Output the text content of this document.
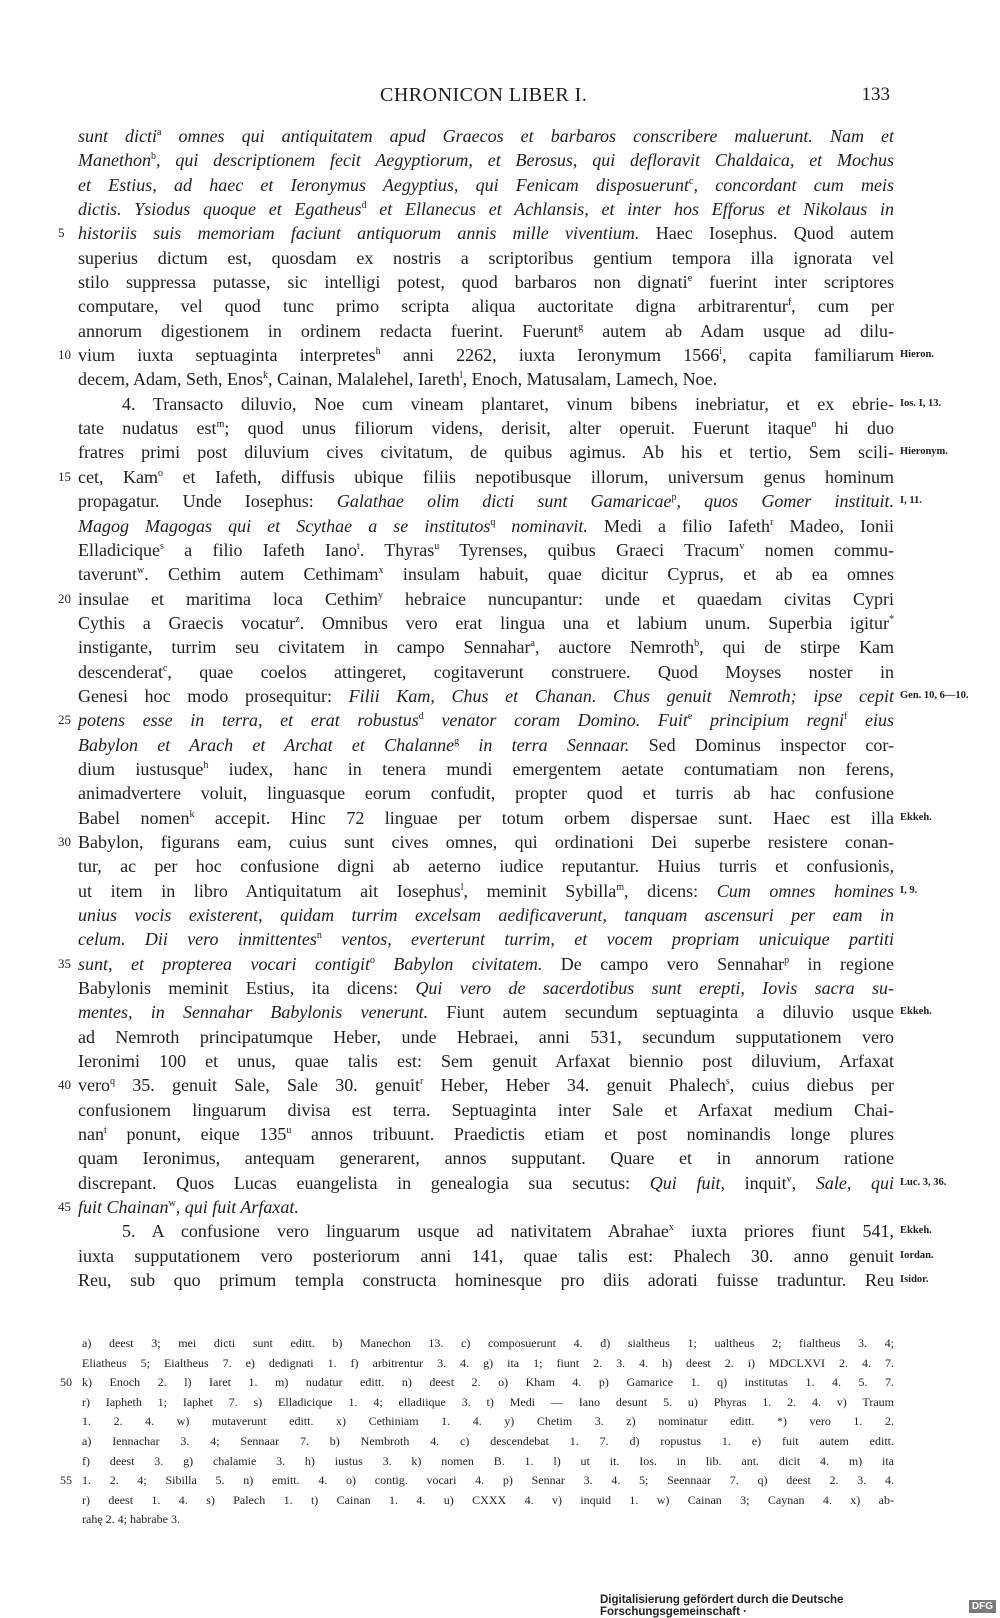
CHRONICON LIBER I.	133
sunt dicti$^a$ omnes qui antiquitatem apud Graecos et barbaros conscribere maluerunt. Nam et
Manethon$^b$, qui descriptionem fecit Aegyptiorum, et Berosus, qui defloravit Chaldaica, et Mochus
et Estius, ad haec et Ieronymus Aegyptius, qui Fenicam disposuerunt$^c$, concordant cum meis
dictis. Ysiodus quoque et Egatheus$^d$ et Ellanecus et Achlansis, et inter hos Efforus et Nikolaus in
5 historiis suis memoriam faciunt antiquorum annis mille viventium. Haec Iosephus. Quod autem
superius dictum est, quosdam ex nostris a scriptoribus gentium tempora illa ignorata vel
stilo suppressa putasse, sic intelligi potest, quod barbaros non dignati$^e$ fuerint inter scriptores
computare, vel quod tunc primo scripta aliqua auctoritate digna arbitrarentur$^f$, cum per
annorum digestionem in ordinem redacta fuerint. Fuerunt$^g$ autem ab Adam usque ad dilu-
10 vium iuxta septuaginta interpretes$^h$ anni 2262, iuxta Ieronymum 1566$^i$, capita familiarum Hieron.
decem, Adam, Seth, Enos$^k$, Cainan, Malalehel, Iareth$^l$, Enoch, Matusalam, Lamech, Noe.
4. Transacto diluvio, Noe cum vineam plantaret, vinum bibens inebriatur, et ex ebrie- Ios. I, 13.
tate nudatus est$^m$; quod unus filiorum videns, derisit, alter operuit. Fuerunt itaque$^n$ hi duo
fratres primi post diluvium cives civitatum, de quibus agimus. Ab his et tertio, Sem scili- Hieronym.
15 cet, Kam$^o$ et Iafeth, diffusis ubique filiis nepotibusque illorum, universum genus hominum
propagatur. Unde Iosephus: Galathae olim dicti sunt Gamaricae$^p$, quos Gomer instituit. I, 11.
Magog Magogas qui et Scythae a se institutos$^q$ nominavit. Medi a filio Iafeth$^r$ Madeo, Ionii
Elladicique$^s$ a filio Iafeth Iano$^t$. Thyras$^u$ Tyrenses, quibus Graeci Tracum$^v$ nomen commu-
taverunt$^w$. Cethim autem Cethimam$^x$ insulam habuit, quae dicitur Cyprus, et ab ea omnes
20 insulae et maritima loca Cethim$^y$ hebraice nuncupantur: unde et quaedam civitas Cypri
Cythis a Graecis vocatur$^z$. Omnibus vero erat lingua una et labium unum. Superbia igitur*
instigante, turrim seu civitatem in campo Sennahar$^a$, auctore Nemroth$^b$, qui de stirpe Kam
descenderat$^c$, quae coelos attingeret, cogitaverunt construere. Quod Moyses noster in
Genesi hoc modo prosequitur: Filii Kam, Chus et Chanan. Chus genuit Nemroth; ipse cepit Gen. 10, 6—10.
25 potens esse in terra, et erat robustus$^d$ venator coram Domino. Fuit$^e$ principium regni$^f$ eius
Babylon et Arach et Archat et Chalanne$^g$ in terra Sennaar. Sed Dominus inspector cor-
dium iustusque$^h$ iudex, hanc in tenera mundi emergentem aetate contumatiam non ferens,
animadvertere voluit, linguasque eorum confudit, propter quod et turris ab hac confusione
Babel nomen$^k$ accepit. Hinc 72 linguae per totum orbem dispersae sunt. Haec est illa Ekkeh.
30 Babylon, figurans eam, cuius sunt cives omnes, qui ordinationi Dei superbe resistere conan-
tur, ac per hoc confusione digni ab aeterno iudice reputantur. Huius turris et confusionis,
ut item in libro Antiquitatum ait Iosephus$^l$, meminit Sybilla$^m$, dicens: Cum omnes homines I, 9.
unius vocis existerent, quidam turrim excelsam aedificaverunt, tanquam ascensuri per eam in
celum. Dii vero inmittentes$^n$ ventos, everterunt turrim, et vocem propriam unicuique partiti
35 sunt, et propterea vocari contigit$^o$ Babylon civitatem. De campo vero Sennahar$^p$ in regione
Babylonis meminit Estius, ita dicens: Qui vero de sacerdotibus sunt erepti, Iovis sacra su-
mentes, in Sennahar Babylonis venerunt. Fiunt autem secundum septuaginta a diluvio usque Ekkeh.
ad Nemroth principatumque Heber, unde Hebraei, anni 531, secundum supputationem vero
Ieronimi 100 et unus, quae talis est: Sem genuit Arfaxat biennio post diluvium, Arfaxat
40 vero$^q$ 35. genuit Sale, Sale 30. genuit$^r$ Heber, Heber 34. genuit Phalech$^s$, cuius diebus per
confusionem linguarum divisa est terra. Septuaginta inter Sale et Arfaxat medium Chai-
nan$^t$ ponunt, eique 135$^u$ annos tribuunt. Praedictis etiam et post nominandis longe plures
quam Ieronimus, antequam generarent, annos supputant. Quare et in annorum ratione
discrepant. Quos Lucas euangelista in genealogia sua secutus: Qui fuit, inquit$^v$, Sale, qui Luc. 3, 36.
45 fuit Chainan$^w$, qui fuit Arfaxat.
5. A confusione vero linguarum usque ad nativitatem Abrahae$^x$ iuxta priores fiunt 541, Ekkeh.
iuxta supputationem vero posteriorum anni 141, quae talis est: Phalech 30. anno genuit Iordan.
Reu, sub quo primum templa constructa hominesque pro diis adorati fuisse traduntur. Reu Isidor.
a) deest 3; mei dicti sunt editt. b) Manechon 13. c) composuerunt 4. d) sialtheus 1; ualtheus 2; fialtheus 3. 4;
Eliatheus 5; Eialtheus 7. e) dedignati 1. f) arbitrentur 3. 4. g) ita 1; fiunt 2. 3. 4. h) deest 2. i) MDCLXVI 2. 4. 7.
50 k) Enoch 2. l) Iaret 1. m) nudatur editt. n) deest 2. o) Kham 4. p) Gamarice 1. q) institutas 1. 4. 5. 7.
r) Iapheth 1; Iaphet 7. s) Elladicique 1. 4; elladiique 3. t) Medi — Iano desunt 5. u) Phyras 1. 2. 4. v) Traum
1. 2. 4. w) mutaverunt editt. x) Cethiniam 1. 4. y) Chetim 3. z) nominatur editt. *) vero 1. 2.
a) Iennachar 3. 4; Sennaar 7. b) Nembroth 4. c) descendebat 1. 7. d) ropustus 1. e) fuit autem editt.
f) deest 3. g) chalamie 3. h) iustus 3. k) nomen B. 1. l) ut it. Ios. in lib. ant. dicit 4. m) ita
55 1. 2. 4; Sibilla 5. n) emitt. 4. o) contig. vocari 4. p) Sennar 3. 4. 5; Seennaar 7. q) deest 2. 3. 4.
r) deest 1. 4. s) Palech 1. t) Cainan 1. 4. u) CXXX 4. v) inquid 1. w) Cainan 3; Caynan 4. x) ab-
rahę 2. 4; habrabe 3.
Digitalisierung gefördert durch die Deutsche Forschungsgemeinschaft ·	DFG
